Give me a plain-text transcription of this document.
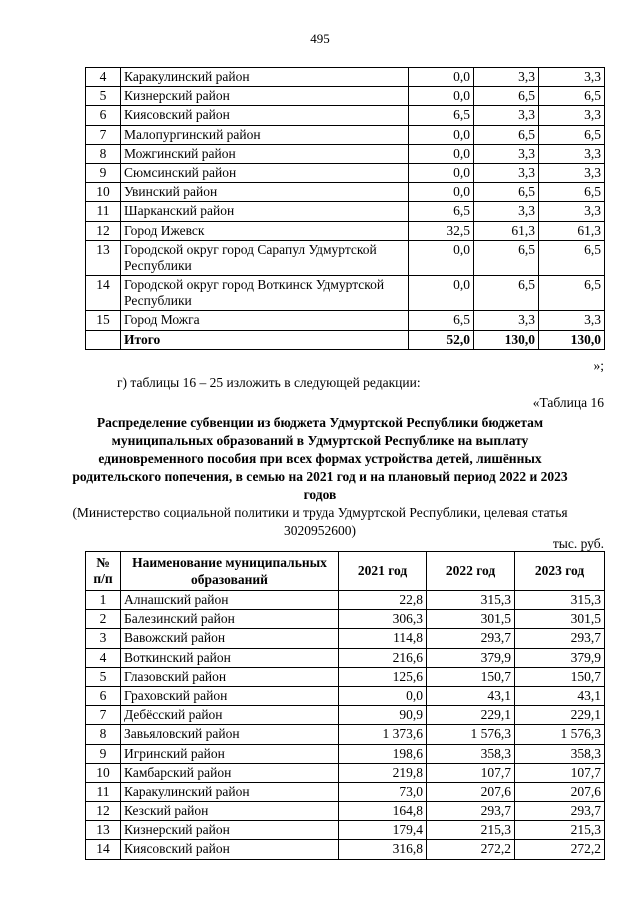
495
4	Каракулинский район	0,0	3,3	3,3
5	Кизнерский район	0,0	6,5	6,5
6	Киясовский район	6,5	3,3	3,3
7	Малопургинский район	0,0	6,5	6,5
8	Можгинский район	0,0	3,3	3,3
9	Сюмсинский район	0,0	3,3	3,3
10	Увинский район	0,0	6,5	6,5
11	Шарканский район	6,5	3,3	3,3
12	Город Ижевск	32,5	61,3	61,3
13	Городской округ город Сарапул Удмуртской Республики	0,0	6,5	6,5
14	Городской округ город Воткинск Удмуртской Республики	0,0	6,5	6,5
15	Город Можга	6,5	3,3	3,3
	Итого	52,0	130,0	130,0
»;
г) таблицы 16 – 25 изложить в следующей редакции:
«Таблица 16
Распределение субвенции из бюджета Удмуртской Республики бюджетам муниципальных образований в Удмуртской Республике на выплату единовременного пособия при всех формах устройства детей, лишённых родительского попечения, в семью на 2021 год и на плановый период 2022 и 2023 годов
(Министерство социальной политики и труда Удмуртской Республики, целевая статья 3020952600)
тыс. руб.
№ п/п	Наименование муниципальных образований	2021 год	2022 год	2023 год
1	Алнашский район	22,8	315,3	315,3
2	Балезинский район	306,3	301,5	301,5
3	Вавожский район	114,8	293,7	293,7
4	Воткинский район	216,6	379,9	379,9
5	Глазовский район	125,6	150,7	150,7
6	Граховский район	0,0	43,1	43,1
7	Дебёсский район	90,9	229,1	229,1
8	Завьяловский район	1 373,6	1 576,3	1 576,3
9	Игринский район	198,6	358,3	358,3
10	Камбарский район	219,8	107,7	107,7
11	Каракулинский район	73,0	207,6	207,6
12	Кезский район	164,8	293,7	293,7
13	Кизнерский район	179,4	215,3	215,3
14	Киясовский район	316,8	272,2	272,2
